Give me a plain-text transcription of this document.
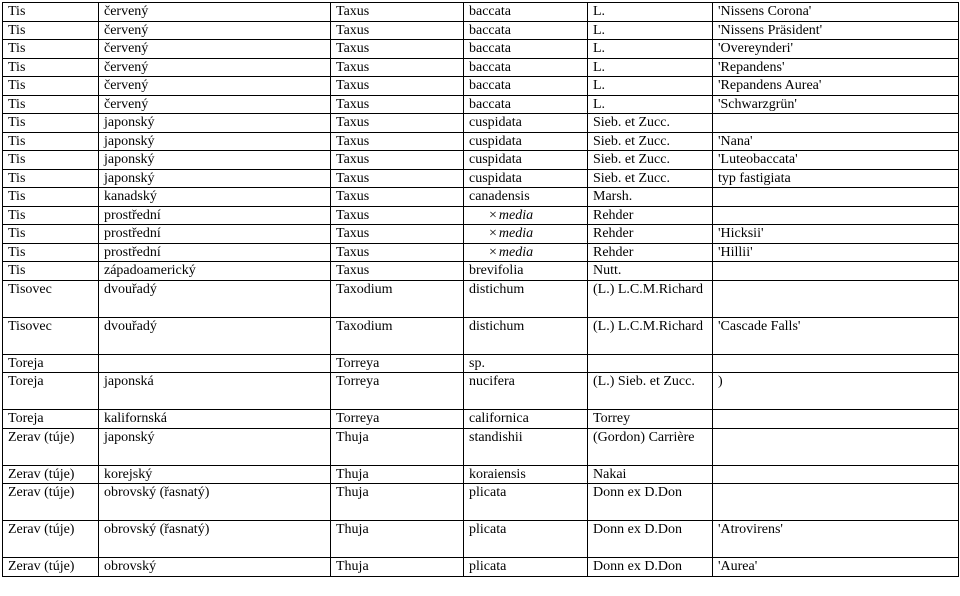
Tis	červený	Taxus	baccata	L.	'Nissens Corona'
Tis	červený	Taxus	baccata	L.	'Nissens Präsident'
Tis	červený	Taxus	baccata	L.	'Overeynderi'
Tis	červený	Taxus	baccata	L.	'Repandens'
Tis	červený	Taxus	baccata	L.	'Repandens Aurea'
Tis	červený	Taxus	baccata	L.	'Schwarzgrün'
Tis	japonský	Taxus	cuspidata	Sieb. et Zucc.	
Tis	japonský	Taxus	cuspidata	Sieb. et Zucc.	'Nana'
Tis	japonský	Taxus	cuspidata	Sieb. et Zucc.	'Luteobaccata'
Tis	japonský	Taxus	cuspidata	Sieb. et Zucc.	typ fastigiata
Tis	kanadský	Taxus	canadensis	Marsh.	
Tis	prostřední	Taxus	× media	Rehder	
Tis	prostřední	Taxus	× media	Rehder	'Hicksii'
Tis	prostřední	Taxus	× media	Rehder	'Hillii'
Tis	západoamerický	Taxus	brevifolia	Nutt.	
Tisovec	dvouřadý	Taxodium	distichum	(L.) L.C.M.Richard	
Tisovec	dvouřadý	Taxodium	distichum	(L.) L.C.M.Richard	'Cascade Falls'
Toreja		Torreya	sp.		
Toreja	japonská	Torreya	nucifera	(L.) Sieb. et Zucc.	)
Toreja	kalifornská	Torreya	californica	Torrey	
Zerav (túje)	japonský	Thuja	standishii	(Gordon) Carrière	
Zerav (túje)	korejský	Thuja	koraiensis	Nakai	
Zerav (túje)	obrovský (řasnatý)	Thuja	plicata	Donn ex D.Don	
Zerav (túje)	obrovský (řasnatý)	Thuja	plicata	Donn ex D.Don	'Atrovirens'
Zerav (túje)	obrovský	Thuja	plicata	Donn ex D.Don	'Aurea'
